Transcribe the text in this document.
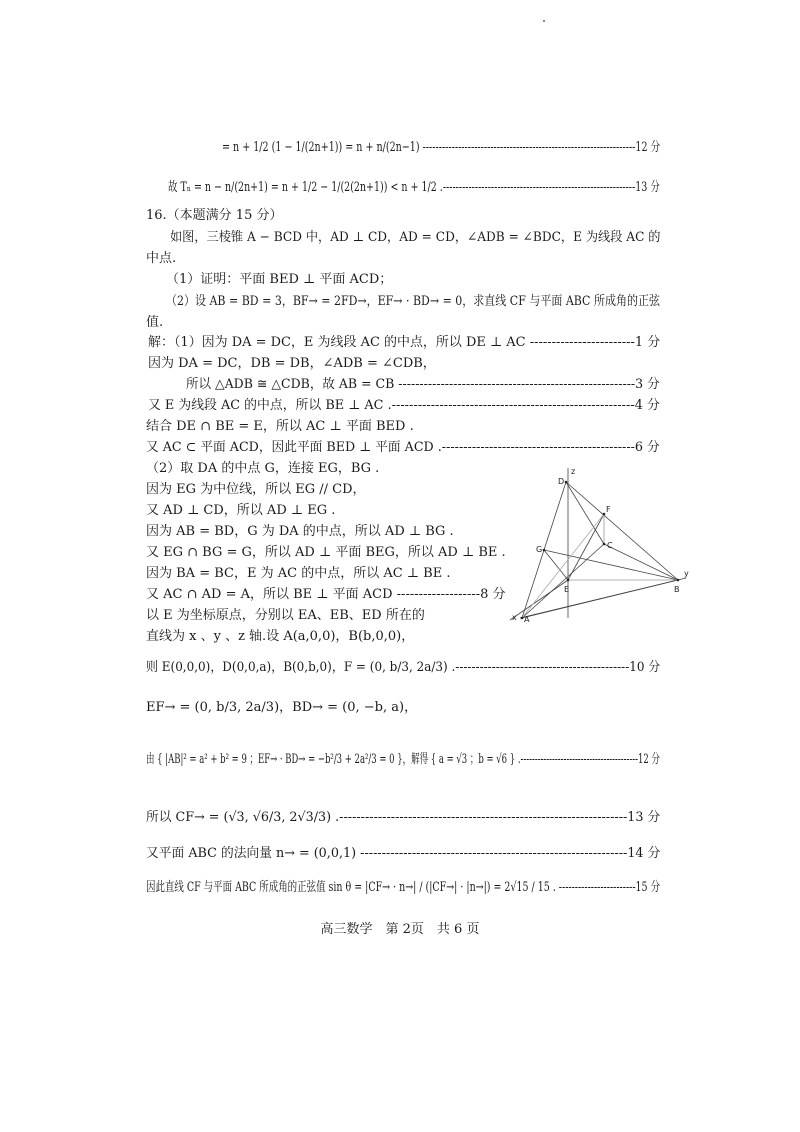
= n + 1/2 (1 − 1/(2n+1)) = n + n/(2n−1) ------------------------------------------------------------------12 分
故 Tₙ = n − n/(2n+1) = n + 1/2 − 1/(2(2n+1)) < n + 1/2 .------------------------------------------------------------13 分
16.（本题满分 15 分）
如图，三棱锥 A − BCD 中，AD ⊥ CD，AD = CD，∠ADB = ∠BDC，E 为线段 AC 的
中点.
（1）证明：平面 BED ⊥ 平面 ACD；
（2）设 AB = BD = 3，BF→ = 2FD→，EF→ · BD→ = 0，求直线 CF 与平面 ABC 所成角的正弦
值.
解：（1）因为 DA = DC，E 为线段 AC 的中点，所以 DE ⊥ AC ------------------------1 分
因为 DA = DC，DB = DB，∠ADB = ∠CDB，
所以 △ADB ≅ △CDB，故 AB = CB --------------------------------------------------------3 分
又 E 为线段 AC 的中点，所以 BE ⊥ AC .--------------------------------------------------------4 分
结合 DE ∩ BE = E，所以 AC ⊥ 平面 BED .
又 AC ⊂ 平面 ACD，因此平面 BED ⊥ 平面 ACD .---------------------------------------------6 分
（2）取 DA 的中点 G，连接 EG，BG .
因为 EG 为中位线，所以 EG // CD，
又 AD ⊥ CD，所以 AD ⊥ EG .
因为 AB = BD，G 为 DA 的中点，所以 AD ⊥ BG .
又 EG ∩ BG = G，所以 AD ⊥ 平面 BEG，所以 AD ⊥ BE .
因为 BA = BC，E 为 AC 的中点，所以 AC ⊥ BE .
又 AC ∩ AD = A，所以 BE ⊥ 平面 ACD -------------------8 分
以 E 为坐标原点，分别以 EA、EB、ED 所在的
直线为 x 、y 、z 轴.设 A(a,0,0)，B(b,0,0)，
则 E(0,0,0)，D(0,0,a)，B(0,b,0)，F = (0, b/3, 2a/3) .-------------------------------------------10 分
EF→ = (0, b/3, 2a/3)，BD→ = (0, −b, a)，
由 { |AB|² = a² + b² = 9 ；EF→ · BD→ = −b²/3 + 2a²/3 = 0 }，解得 { a = √3 ；b = √6 } .-----------------------------------------12 分
所以 CF→ = (√3, √6/3, 2√3/3) .-------------------------------------------------------------------13 分
又平面 ABC 的法向量 n→ = (0,0,1) --------------------------------------------------------------14 分
因此直线 CF 与平面 ABC 所成角的正弦值 sin θ = |CF→ · n→| / (|CF→| · |n→|) = 2√15 / 15 . ------------------------15 分
z
D
F
G	C
E	B
y
x A
高三数学　第 2页　共 6 页
